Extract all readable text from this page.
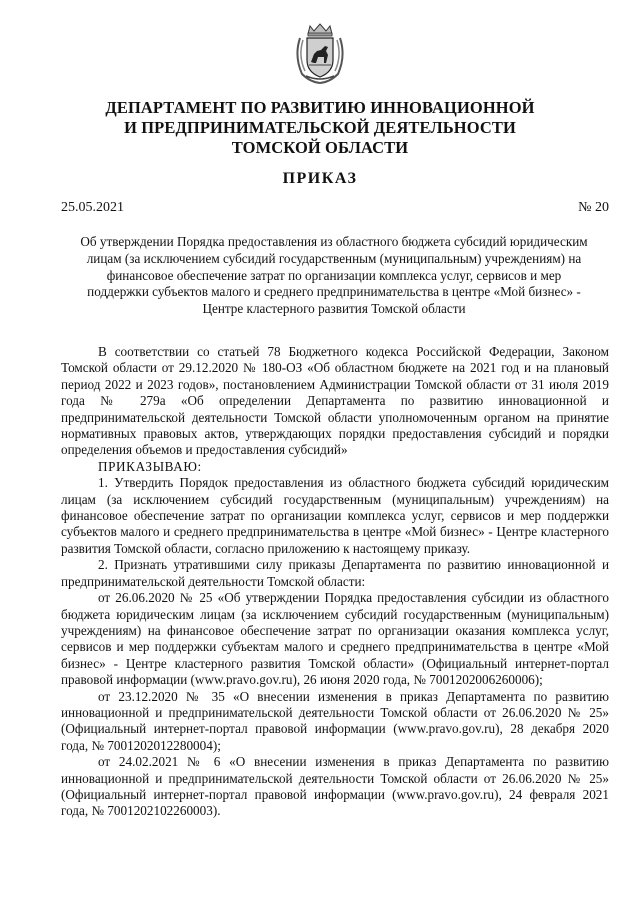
ДЕПАРТАМЕНТ ПО РАЗВИТИЮ ИННОВАЦИОННОЙ
И ПРЕДПРИНИМАТЕЛЬСКОЙ ДЕЯТЕЛЬНОСТИ
ТОМСКОЙ ОБЛАСТИ
ПРИКАЗ
25.05.2021	№ 20
Об утверждении Порядка предоставления из областного бюджета субсидий юридическим
лицам (за исключением субсидий государственным (муниципальным) учреждениям) на
финансовое обеспечение затрат по организации комплекса услуг, сервисов и мер
поддержки субъектов малого и среднего предпринимательства в центре «Мой бизнес» -
Центре кластерного развития Томской области

В соответствии со статьей 78 Бюджетного кодекса Российской Федерации, Законом Томской области от 29.12.2020 № 180-ОЗ «Об областном бюджете на 2021 год и на плановый период 2022 и 2023 годов», постановлением Администрации Томской области от 31 июля 2019 года № 279а «Об определении Департамента по развитию инновационной и предпринимательской деятельности Томской области уполномоченным органом на принятие нормативных правовых актов, утверждающих порядки предоставления субсидий и порядки определения объемов и предоставления субсидий»

ПРИКАЗЫВАЮ:

1. Утвердить Порядок предоставления из областного бюджета субсидий юридическим лицам (за исключением субсидий государственным (муниципальным) учреждениям) на финансовое обеспечение затрат по организации комплекса услуг, сервисов и мер поддержки субъектов малого и среднего предпринимательства в центре «Мой бизнес» - Центре кластерного развития Томской области, согласно приложению к настоящему приказу.

2. Признать утратившими силу приказы Департамента по развитию инновационной и предпринимательской деятельности Томской области:

от 26.06.2020 № 25 «Об утверждении Порядка предоставления субсидии из областного бюджета юридическим лицам (за исключением субсидий государственным (муниципальным) учреждениям) на финансовое обеспечение затрат по организации оказания комплекса услуг, сервисов и мер поддержки субъектам малого и среднего предпринимательства в центре «Мой бизнес» - Центре кластерного развития Томской области» (Официальный интернет-портал правовой информации (www.pravo.gov.ru), 26 июня 2020 года, № 7001202006260006);

от 23.12.2020 № 35 «О внесении изменения в приказ Департамента по развитию инновационной и предпринимательской деятельности Томской области от 26.06.2020 № 25» (Официальный интернет-портал правовой информации (www.pravo.gov.ru), 28 декабря 2020 года, № 7001202012280004);

от 24.02.2021 № 6 «О внесении изменения в приказ Департамента по развитию инновационной и предпринимательской деятельности Томской области от 26.06.2020 № 25» (Официальный интернет-портал правовой информации (www.pravo.gov.ru), 24 февраля 2021 года, № 7001202102260003).
